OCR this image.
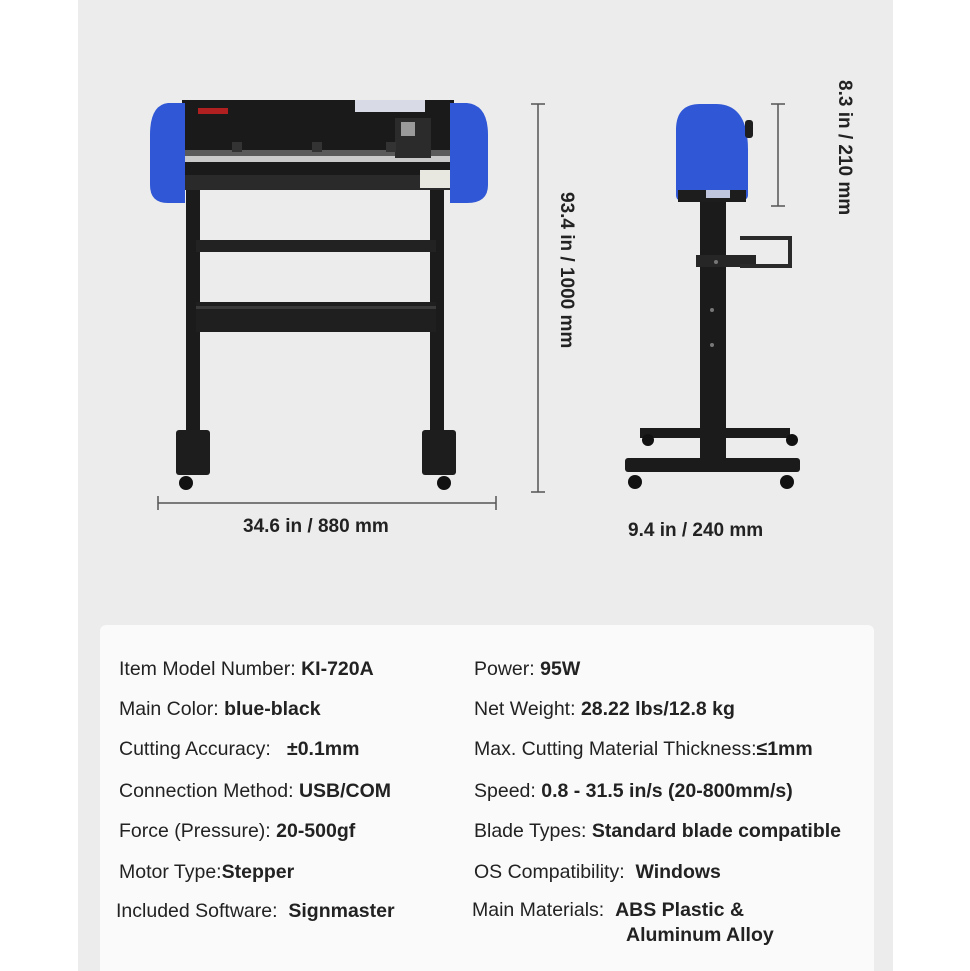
34.6 in / 880 mm	9.4 in / 240 mm
93.4 in / 1000 mm
8.3 in / 210 mm
Item Model Number: KI-720A
Main Color: blue-black
Cutting Accuracy: ±0.1mm
Connection Method: USB/COM
Force (Pressure): 20-500gf
Motor Type:Stepper
Included Software: Signmaster
Power: 95W
Net Weight: 28.22 lbs/12.8 kg
Max. Cutting Material Thickness:≤1mm
Speed: 0.8 - 31.5 in/s (20-800mm/s)
Blade Types: Standard blade compatible
OS Compatibility: Windows
Main Materials: ABS Plastic &
Aluminum Alloy
